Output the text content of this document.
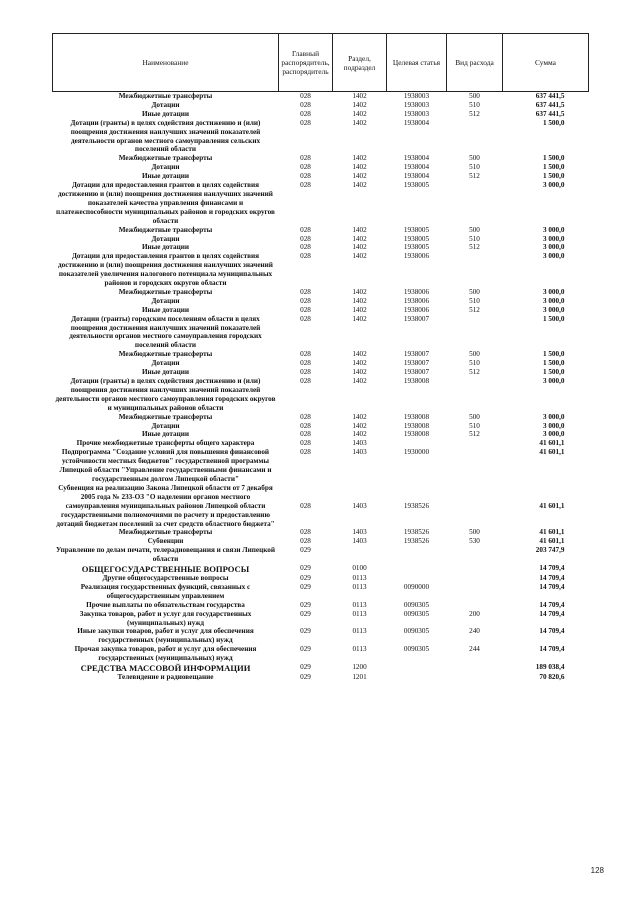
Наименование	Главный распорядитель, распорядитель	Раздел, подраздел	Целевая статья	Вид расхода	Сумма
Межбюджетные трансферты	028	1402	1938003	500	637 441,5
Дотации	028	1402	1938003	510	637 441,5
Иные дотации	028	1402	1938003	512	637 441,5
Дотации (гранты) в целях содействия достижению и (или) поощрения достижения наилучших значений показателей деятельности органов местного самоуправления сельских поселений области	028	1402	1938004		1 500,0
Межбюджетные трансферты	028	1402	1938004	500	1 500,0
Дотации	028	1402	1938004	510	1 500,0
Иные дотации	028	1402	1938004	512	1 500,0
Дотации для предоставления грантов в целях содействия достижению и (или) поощрения достижения наилучших значений показателей качества управления финансами и платежеспособности муниципальных районов и городских округов области	028	1402	1938005		3 000,0
Межбюджетные трансферты	028	1402	1938005	500	3 000,0
Дотации	028	1402	1938005	510	3 000,0
Иные дотации	028	1402	1938005	512	3 000,0
Дотации для предоставления грантов в целях содействия достижению и (или) поощрения достижения наилучших значений показателей увеличения налогового потенциала муниципальных районов и городских округов области	028	1402	1938006		3 000,0
Межбюджетные трансферты	028	1402	1938006	500	3 000,0
Дотации	028	1402	1938006	510	3 000,0
Иные дотации	028	1402	1938006	512	3 000,0
Дотации (гранты) городским поселениям области в целях поощрения достижения наилучших значений показателей деятельности органов местного самоуправления городских поселений области	028	1402	1938007		1 500,0
Межбюджетные трансферты	028	1402	1938007	500	1 500,0
Дотации	028	1402	1938007	510	1 500,0
Иные дотации	028	1402	1938007	512	1 500,0
Дотации (гранты) в целях содействия достижению и (или) поощрения достижения наилучших значений показателей деятельности органов местного самоуправления городских округов и муниципальных районов области	028	1402	1938008		3 000,0
Межбюджетные трансферты	028	1402	1938008	500	3 000,0
Дотации	028	1402	1938008	510	3 000,0
Иные дотации	028	1402	1938008	512	3 000,0
Прочие межбюджетные трансферты общего характера	028	1403			41 601,1
Подпрограмма "Создание условий для повышения финансовой устойчивости местных бюджетов" государственной программы Липецкой области "Управление государственными финансами и государственным долгом Липецкой области"	028	1403	1930000		41 601,1
Субвенция на реализацию Закона Липецкой области от 7 декабря 2005 года № 233-ОЗ "О наделении органов местного самоуправления муниципальных районов Липецкой области государственными полномочиями по расчету и предоставлению дотаций бюджетам поселений за счет средств областного бюджета"	028	1403	1938526		41 601,1
Межбюджетные трансферты	028	1403	1938526	500	41 601,1
Субвенции	028	1403	1938526	530	41 601,1
Управление по делам печати, телерадиовещания и связи Липецкой области	029				203 747,9
ОБЩЕГОСУДАРСТВЕННЫЕ ВОПРОСЫ	029	0100			14 709,4
Другие общегосударственные вопросы	029	0113			14 709,4
Реализация государственных функций, связанных с общегосударственным управлением	029	0113	0090000		14 709,4
Прочие выплаты по обязательствам государства	029	0113	0090305		14 709,4
Закупка товаров, работ и услуг для государственных (муниципальных) нужд	029	0113	0090305	200	14 709,4
Иные закупки товаров, работ и услуг для обеспечения государственных (муниципальных) нужд	029	0113	0090305	240	14 709,4
Прочая закупка товаров, работ и услуг для обеспечения государственных (муниципальных) нужд	029	0113	0090305	244	14 709,4
СРЕДСТВА МАССОВОЙ ИНФОРМАЦИИ	029	1200			189 038,4
Телевидение и радиовещание	029	1201			70 820,6
128
